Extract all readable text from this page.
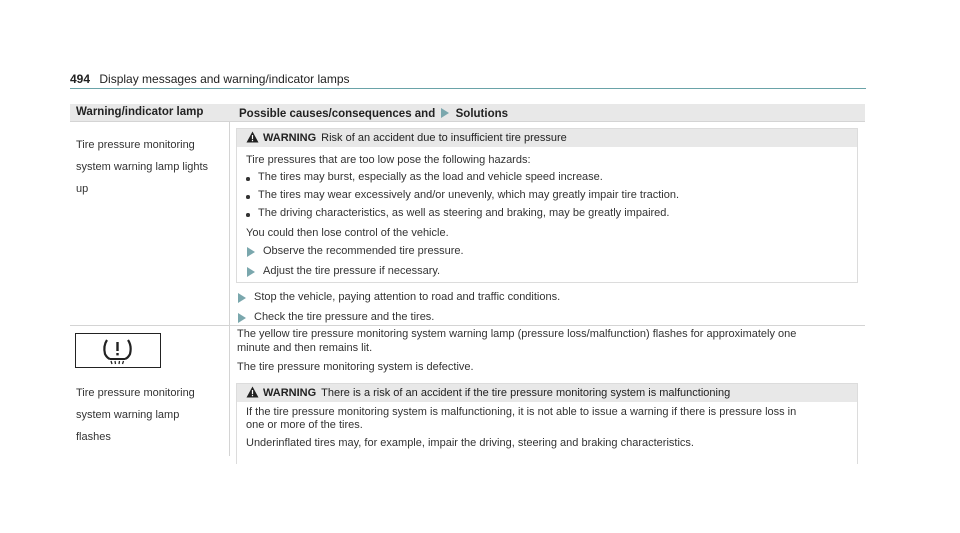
494 Display messages and warning/indicator lamps
Warning/indicator lamp	Possible causes/consequences and Solutions

Tire pressure monitoring

system warning lamp lights

up

WARNING Risk of an accident due to insufficient tire pressure
Tire pressures that are too low pose the following hazards:
The tires may burst, especially as the load and vehicle speed increase.
The tires may wear excessively and/or unevenly, which may greatly impair tire traction.
The driving characteristics, as well as steering and braking, may be greatly impaired.
You could then lose control of the vehicle.
Observe the recommended tire pressure.
Adjust the tire pressure if necessary.
Stop the vehicle, paying attention to road and traffic conditions.
Check the tire pressure and the tires.

Tire pressure monitoring

system warning lamp

flashes

The yellow tire pressure monitoring system warning lamp (pressure loss/malfunction) flashes for approximately one
minute and then remains lit.
The tire pressure monitoring system is defective.
WARNING There is a risk of an accident if the tire pressure monitoring system is malfunctioning
If the tire pressure monitoring system is malfunctioning, it is not able to issue a warning if there is pressure loss in
one or more of the tires.
Underinflated tires may, for example, impair the driving, steering and braking characteristics.
